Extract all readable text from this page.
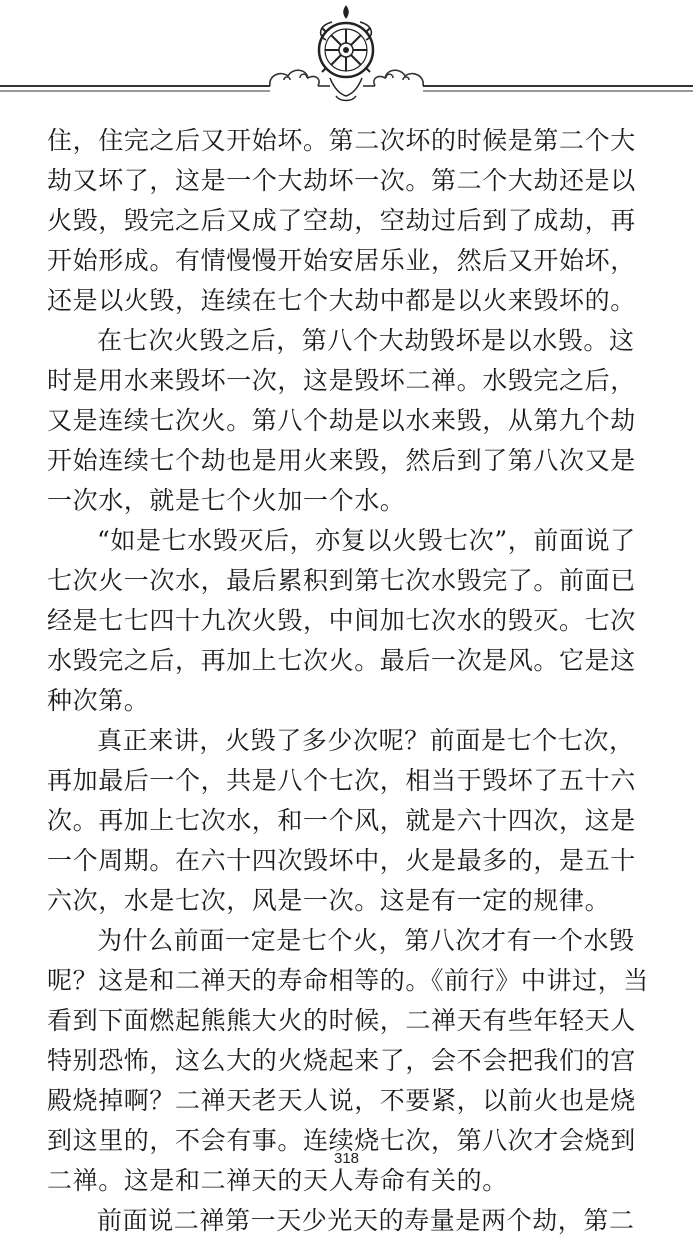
住，住完之后又开始坏。第二次坏的时候是第二个大劫又坏了，这是一个大劫坏一次。第二个大劫还是以火毁，毁完之后又成了空劫，空劫过后到了成劫，再开始形成。有情慢慢开始安居乐业，然后又开始坏，还是以火毁，连续在七个大劫中都是以火来毁坏的。

在七次火毁之后，第八个大劫毁坏是以水毁。这时是用水来毁坏一次，这是毁坏二禅。水毁完之后，又是连续七次火。第八个劫是以水来毁，从第九个劫开始连续七个劫也是用火来毁，然后到了第八次又是一次水，就是七个火加一个水。

“如是七水毁灭后，亦复以火毁七次”，前面说了七次火一次水，最后累积到第七次水毁完了。前面已经是七七四十九次火毁，中间加七次水的毁灭。七次水毁完之后，再加上七次火。最后一次是风。它是这种次第。

真正来讲，火毁了多少次呢？前面是七个七次，再加最后一个，共是八个七次，相当于毁坏了五十六次。再加上七次水，和一个风，就是六十四次，这是一个周期。在六十四次毁坏中，火是最多的，是五十六次，水是七次，风是一次。这是有一定的规律。

为什么前面一定是七个火，第八次才有一个水毁呢？这是和二禅天的寿命相等的。《前行》中讲过，当看到下面燃起熊熊大火的时候，二禅天有些年轻天人特别恐怖，这么大的火烧起来了，会不会把我们的宫殿烧掉啊？二禅天老天人说，不要紧，以前火也是烧到这里的，不会有事。连续烧七次，第八次才会烧到二禅。这是和二禅天的天人寿命有关的。

前面说二禅第一天少光天的寿量是两个劫，第二

318
